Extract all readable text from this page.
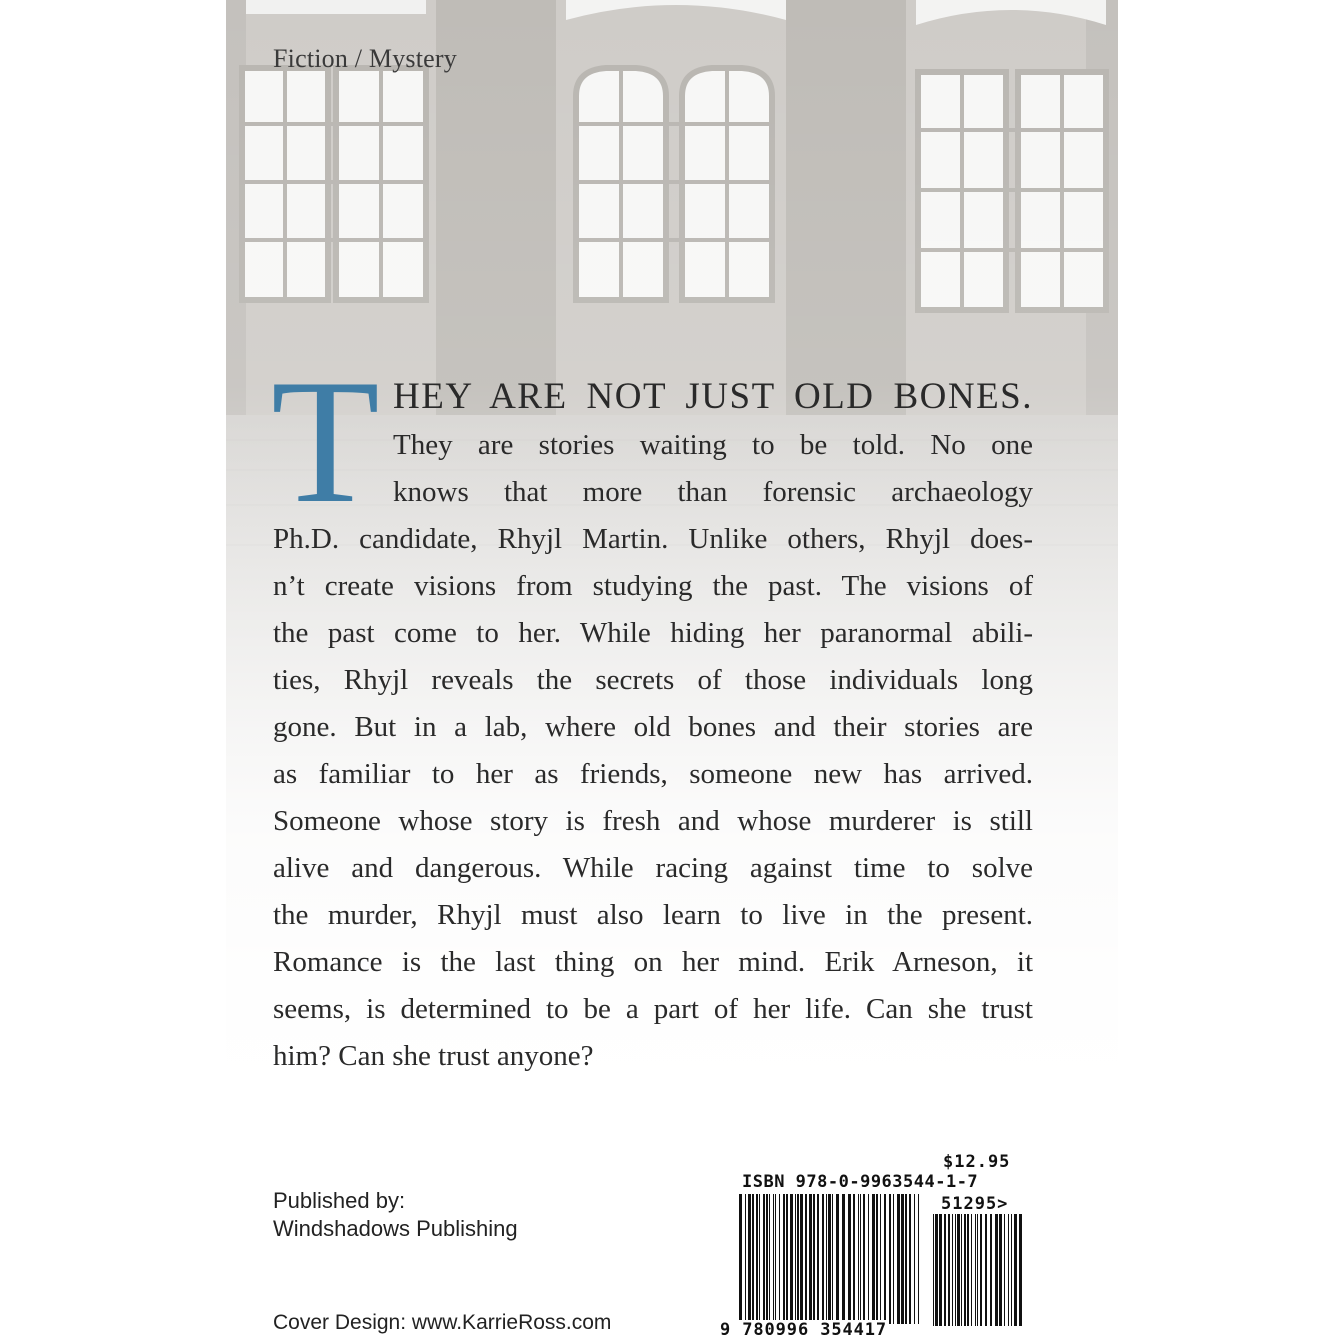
Fiction / Mystery
T HEY ARE NOT JUST OLD BONES.
They are stories waiting to be told. No one
knows that more than forensic archaeology
Ph.D. candidate, Rhyjl Martin. Unlike others, Rhyjl does-
n’t create visions from studying the past. The visions of
the past come to her. While hiding her paranormal abili-
ties, Rhyjl reveals the secrets of those individuals long
gone. But in a lab, where old bones and their stories are
as familiar to her as friends, someone new has arrived.
Someone whose story is fresh and whose murderer is still
alive and dangerous. While racing against time to solve
the murder, Rhyjl must also learn to live in the present.
Romance is the last thing on her mind. Erik Arneson, it
seems, is determined to be a part of her life. Can she trust
him? Can she trust anyone?
Published by:
Windshadows Publishing
Cover Design: www.KarrieRoss.com
$12.95
ISBN 978-0-9963544-1-7
51295>
9 780996 354417
